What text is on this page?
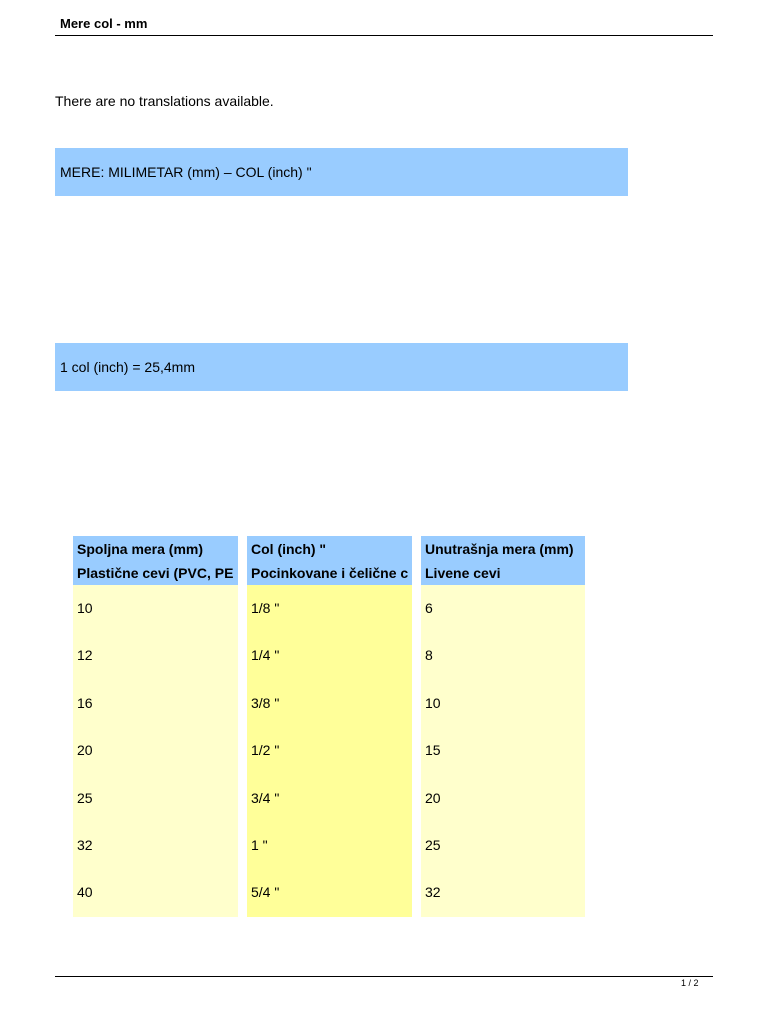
Mere col - mm
There are no translations available.
MERE: MILIMETAR (mm) – COL (inch) "
1 col (inch) = 25,4mm
Spoljna mera (mm)
Plastične cevi (PVC, PE
10
12
16
20
25
32
40
Col (inch) "
Pocinkovane i čelične c
1/8 "
1/4 "
3/8 "
1/2 "
3/4 "
1 "
5/4 "
Unutrašnja mera (mm)
Livene cevi
6
8
10
15
20
25
32
1 / 2
